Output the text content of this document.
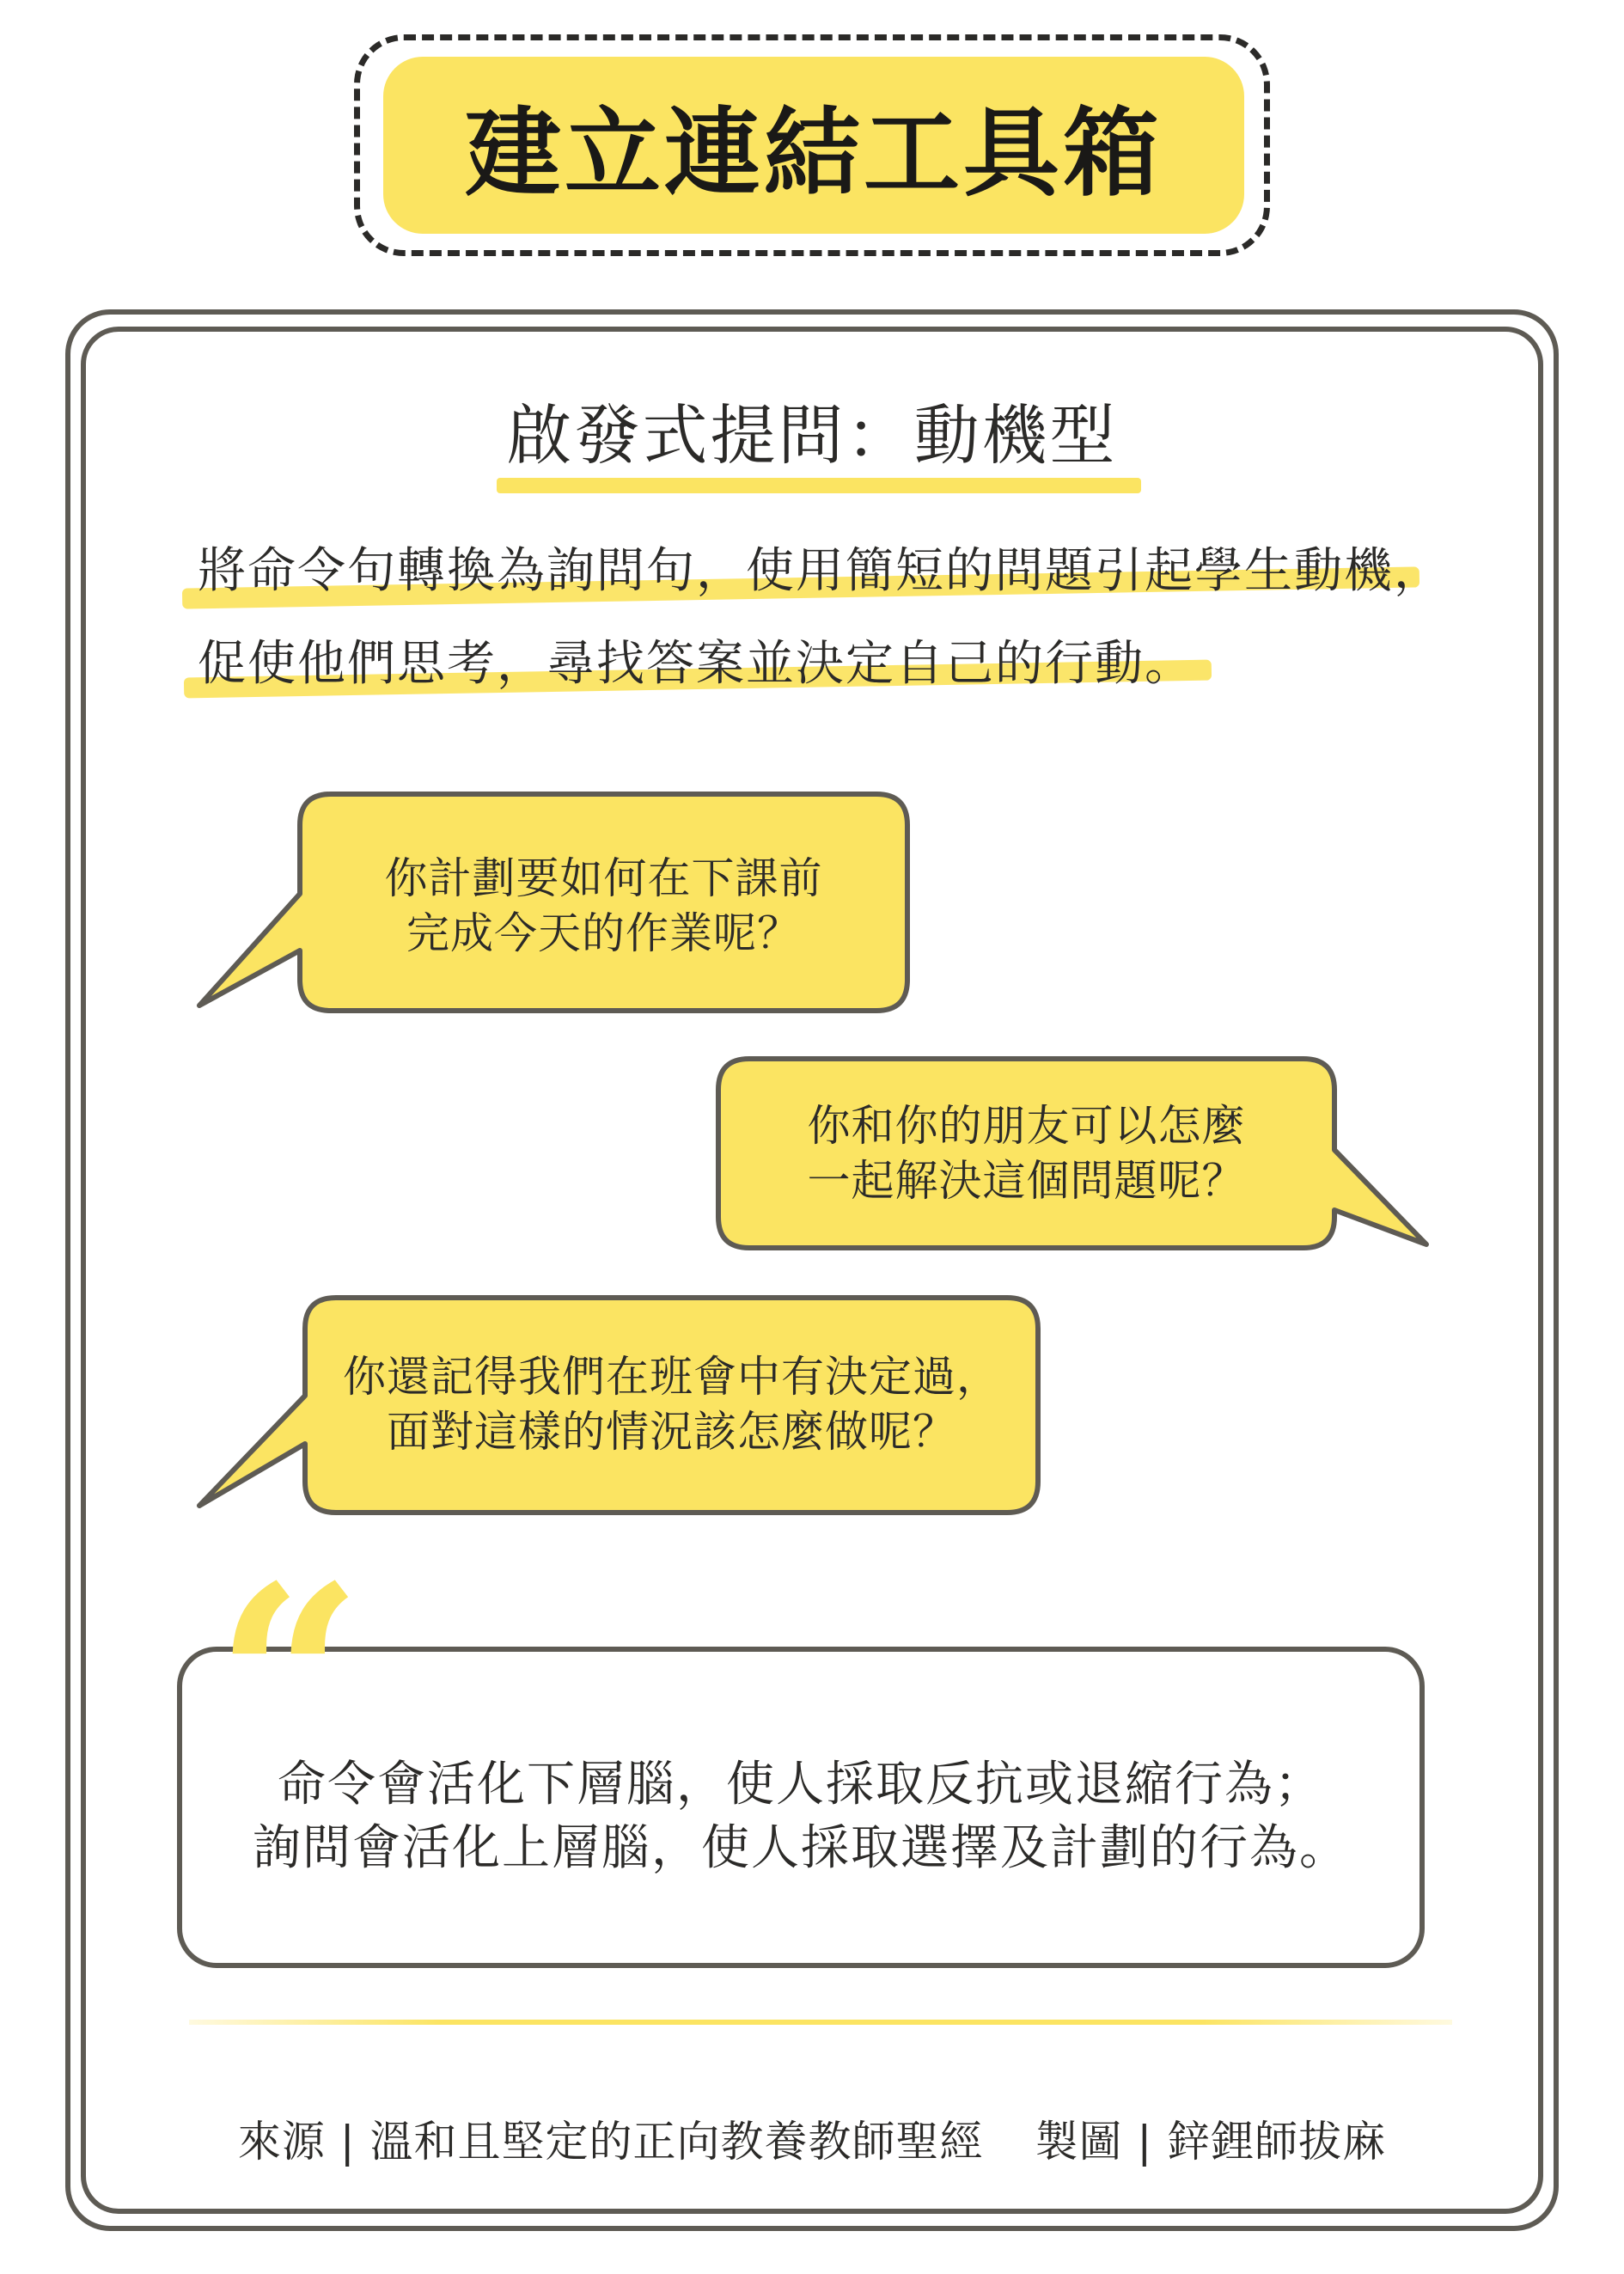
建立連結工具箱
啟發式提問：動機型
將命令句轉換為詢問句，使用簡短的問題引起學生動機，
促使他們思考，尋找答案並決定自己的行動。
你計劃要如何在下課前
完成今天的作業呢？
你和你的朋友可以怎麼
一起解決這個問題呢？
你還記得我們在班會中有決定過，
面對這樣的情況該怎麼做呢？
“
命令會活化下層腦，使人採取反抗或退縮行為；
詢問會活化上層腦，使人採取選擇及計劃的行為。
來源 | 溫和且堅定的正向教養教師聖經 製圖 | 鋅鋰師拔麻
